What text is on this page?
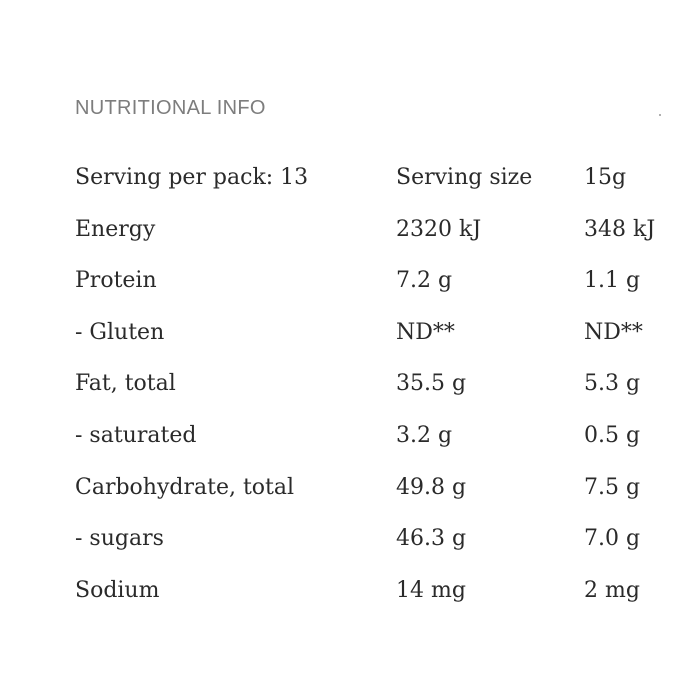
NUTRITIONAL INFO
Serving per pack: 13	Serving size 15g
Energy	2320 kJ	348 kJ
Protein	7.2 g	1.1 g
- Gluten	ND**	ND**
Fat, total	35.5 g	5.3 g
- saturated	3.2 g	0.5 g
Carbohydrate, total	49.8 g	7.5 g
- sugars	46.3 g	7.0 g
Sodium	14 mg	2 mg
